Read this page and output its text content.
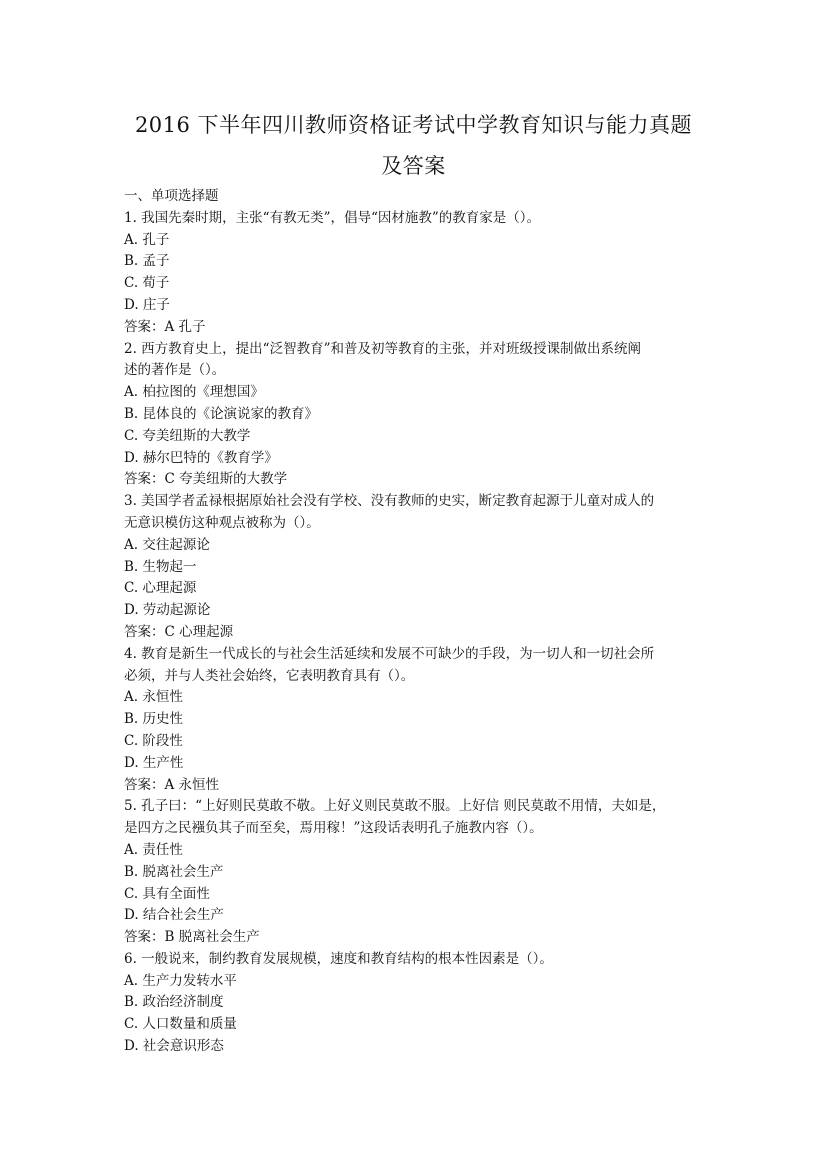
2016 下半年四川教师资格证考试中学教育知识与能力真题
及答案
一、单项选择题
1. 我国先秦时期，主张“有教无类”，倡导“因材施教”的教育家是（）。
A. 孔子
B. 孟子
C. 荀子
D. 庄子
答案：A 孔子
2. 西方教育史上，提出“泛智教育”和普及初等教育的主张，并对班级授课制做出系统阐
述的著作是（）。
A. 柏拉图的《理想国》
B. 昆体良的《论演说家的教育》
C. 夸美纽斯的大教学
D. 赫尔巴特的《教育学》
答案：C 夸美纽斯的大教学
3. 美国学者孟禄根据原始社会没有学校、没有教师的史实，断定教育起源于儿童对成人的
无意识模仿这种观点被称为（）。
A. 交往起源论
B. 生物起一
C. 心理起源
D. 劳动起源论
答案：C 心理起源
4. 教育是新生一代成长的与社会生活延续和发展不可缺少的手段，为一切人和一切社会所
必须，并与人类社会始终，它表明教育具有（）。
A. 永恒性
B. 历史性
C. 阶段性
D. 生产性
答案：A 永恒性
5. 孔子曰：“上好则民莫敢不敬。上好义则民莫敢不服。上好信 则民莫敢不用情，夫如是，
是四方之民襁负其子而至矣，焉用稼！”这段话表明孔子施教内容（）。
A. 责任性
B. 脱离社会生产
C. 具有全面性
D. 结合社会生产
答案：B 脱离社会生产
6. 一般说来，制约教育发展规模，速度和教育结构的根本性因素是（）。
A. 生产力发转水平
B. 政治经济制度
C. 人口数量和质量
D. 社会意识形态
